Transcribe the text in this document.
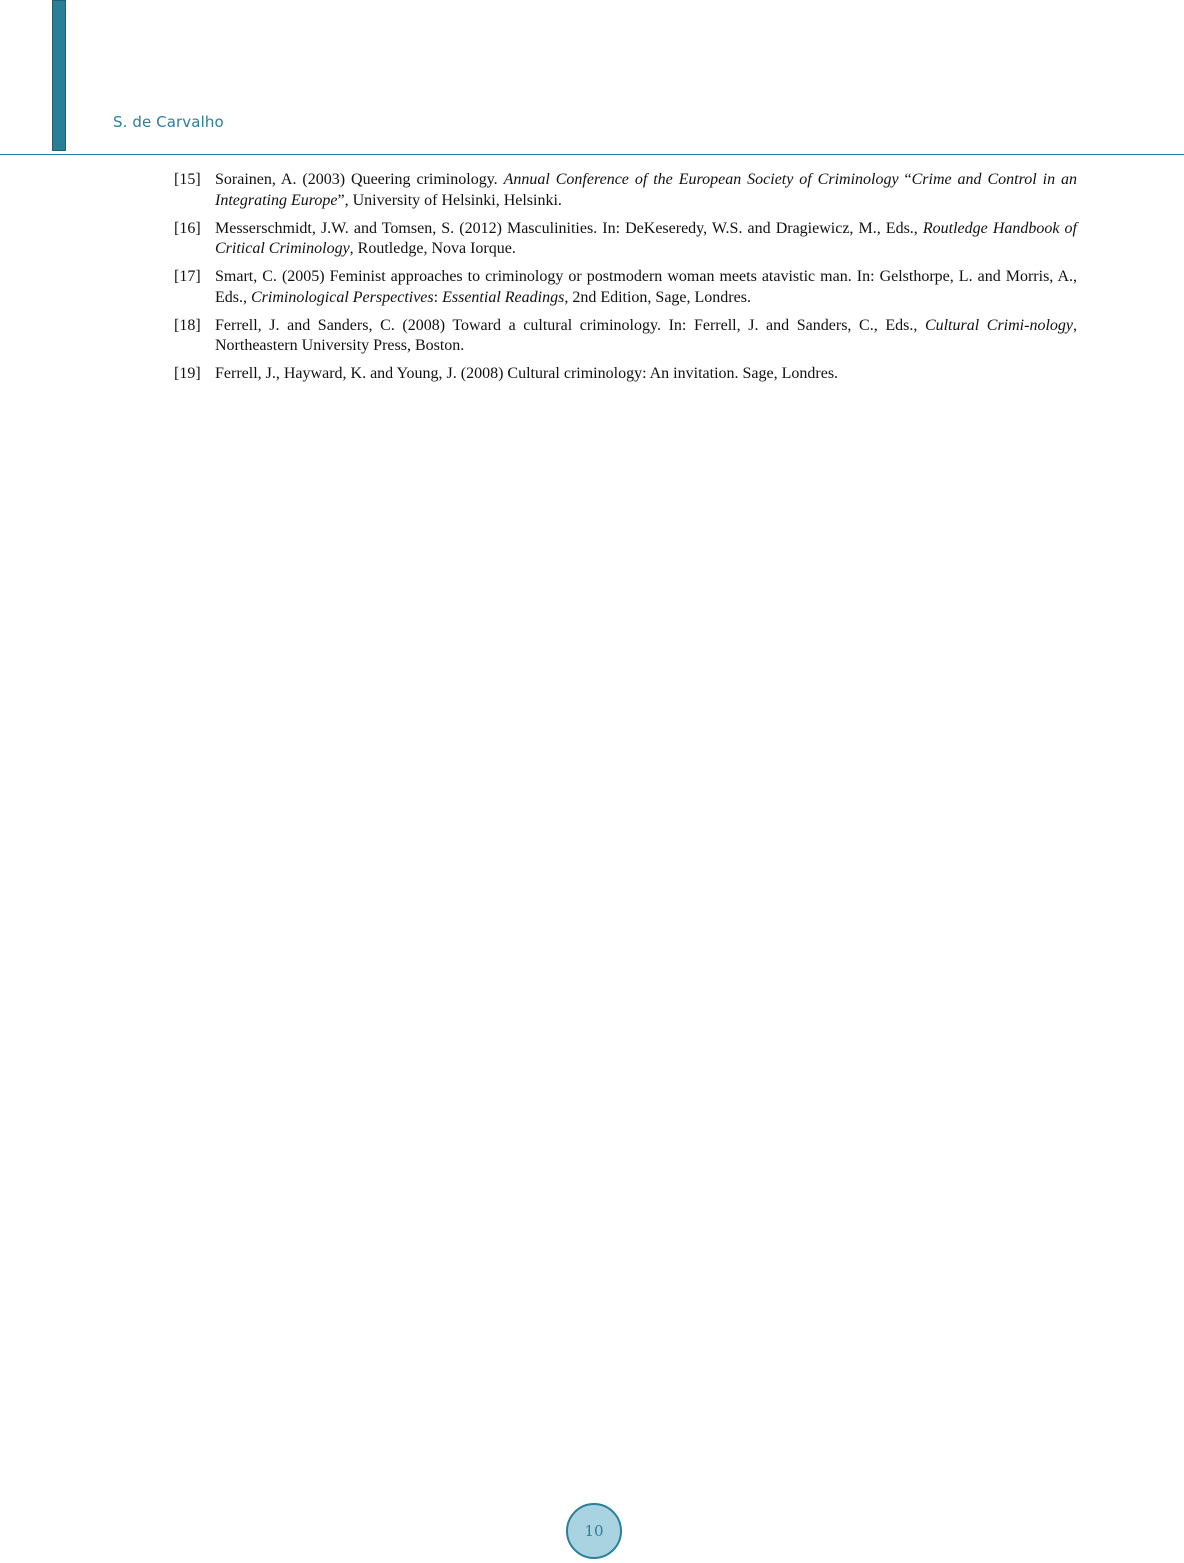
S. de Carvalho
[15] Sorainen, A. (2003) Queering criminology. Annual Conference of the European Society of Criminology “Crime and Control in an Integrating Europe”, University of Helsinki, Helsinki.
[16] Messerschmidt, J.W. and Tomsen, S. (2012) Masculinities. In: DeKeseredy, W.S. and Dragiewicz, M., Eds., Routledge Handbook of Critical Criminology, Routledge, Nova Iorque.
[17] Smart, C. (2005) Feminist approaches to criminology or postmodern woman meets atavistic man. In: Gelsthorpe, L. and Morris, A., Eds., Criminological Perspectives: Essential Readings, 2nd Edition, Sage, Londres.
[18] Ferrell, J. and Sanders, C. (2008) Toward a cultural criminology. In: Ferrell, J. and Sanders, C., Eds., Cultural Crimi-nology, Northeastern University Press, Boston.
[19] Ferrell, J., Hayward, K. and Young, J. (2008) Cultural criminology: An invitation. Sage, Londres.
10
